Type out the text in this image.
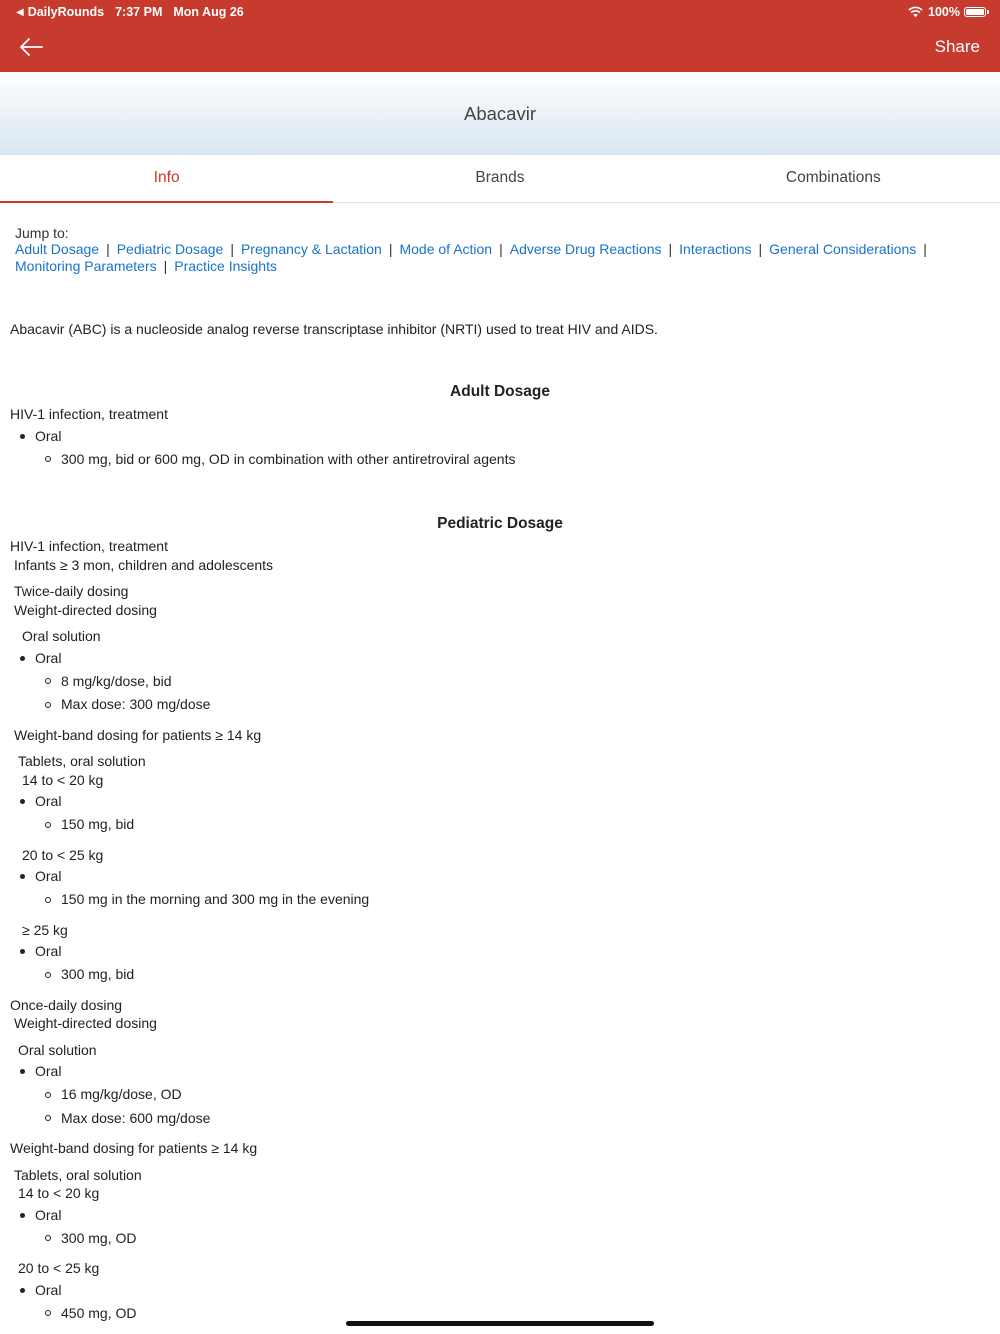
◀ DailyRounds 7:37 PM Mon Aug 26	100%
Share
Abacavir
Info	Brands	Combinations
Jump to:
Adult Dosage | Pediatric Dosage | Pregnancy & Lactation | Mode of Action | Adverse Drug Reactions | Interactions | General Considerations |
Monitoring Parameters | Practice Insights
Abacavir (ABC) is a nucleoside analog reverse transcriptase inhibitor (NRTI) used to treat HIV and AIDS.
Adult Dosage
HIV-1 infection, treatment
Oral
300 mg, bid or 600 mg, OD in combination with other antiretroviral agents
Pediatric Dosage
HIV-1 infection, treatment
Infants ≥ 3 mon, children and adolescents
Twice-daily dosing
Weight-directed dosing
Oral solution
Oral
8 mg/kg/dose, bid
Max dose: 300 mg/dose
Weight-band dosing for patients ≥ 14 kg
Tablets, oral solution
14 to < 20 kg
Oral
150 mg, bid
20 to < 25 kg
Oral
150 mg in the morning and 300 mg in the evening
≥ 25 kg
Oral
300 mg, bid
Once-daily dosing
Weight-directed dosing
Oral solution
Oral
16 mg/kg/dose, OD
Max dose: 600 mg/dose
Weight-band dosing for patients ≥ 14 kg
Tablets, oral solution
14 to < 20 kg
Oral
300 mg, OD
20 to < 25 kg
Oral
450 mg, OD
